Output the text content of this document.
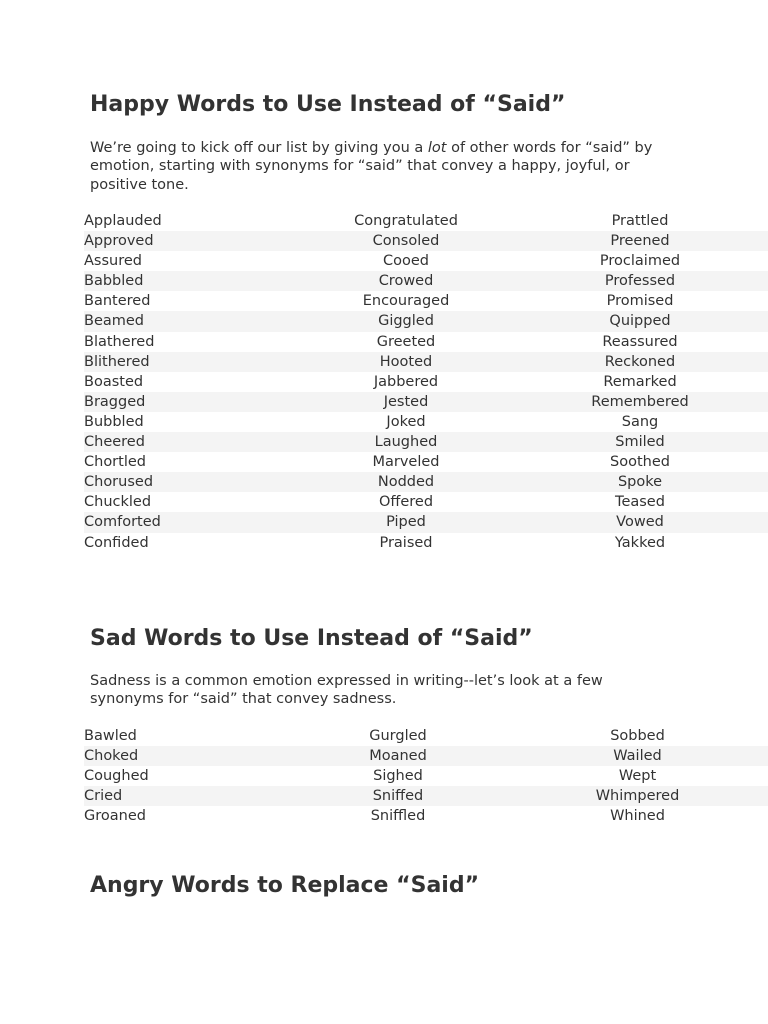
Happy Words to Use Instead of “Said”

We’re going to kick off our list by giving you a lot of other words for “said” by emotion, starting with synonyms for “said” that convey a happy, joyful, or positive tone.

Applauded	Congratulated	Prattled
Approved	Consoled	Preened
Assured	Cooed	Proclaimed
Babbled	Crowed	Professed
Bantered	Encouraged	Promised
Beamed	Giggled	Quipped
Blathered	Greeted	Reassured
Blithered	Hooted	Reckoned
Boasted	Jabbered	Remarked
Bragged	Jested	Remembered
Bubbled	Joked	Sang
Cheered	Laughed	Smiled
Chortled	Marveled	Soothed
Chorused	Nodded	Spoke
Chuckled	Offered	Teased
Comforted	Piped	Vowed
Confided	Praised	Yakked
Sad Words to Use Instead of “Said”

Sadness is a common emotion expressed in writing--let’s look at a few synonyms for “said” that convey sadness.

Bawled	Gurgled	Sobbed
Choked	Moaned	Wailed
Coughed	Sighed	Wept
Cried	Sniffed	Whimpered
Groaned	Sniffled	Whined
Angry Words to Replace “Said”
